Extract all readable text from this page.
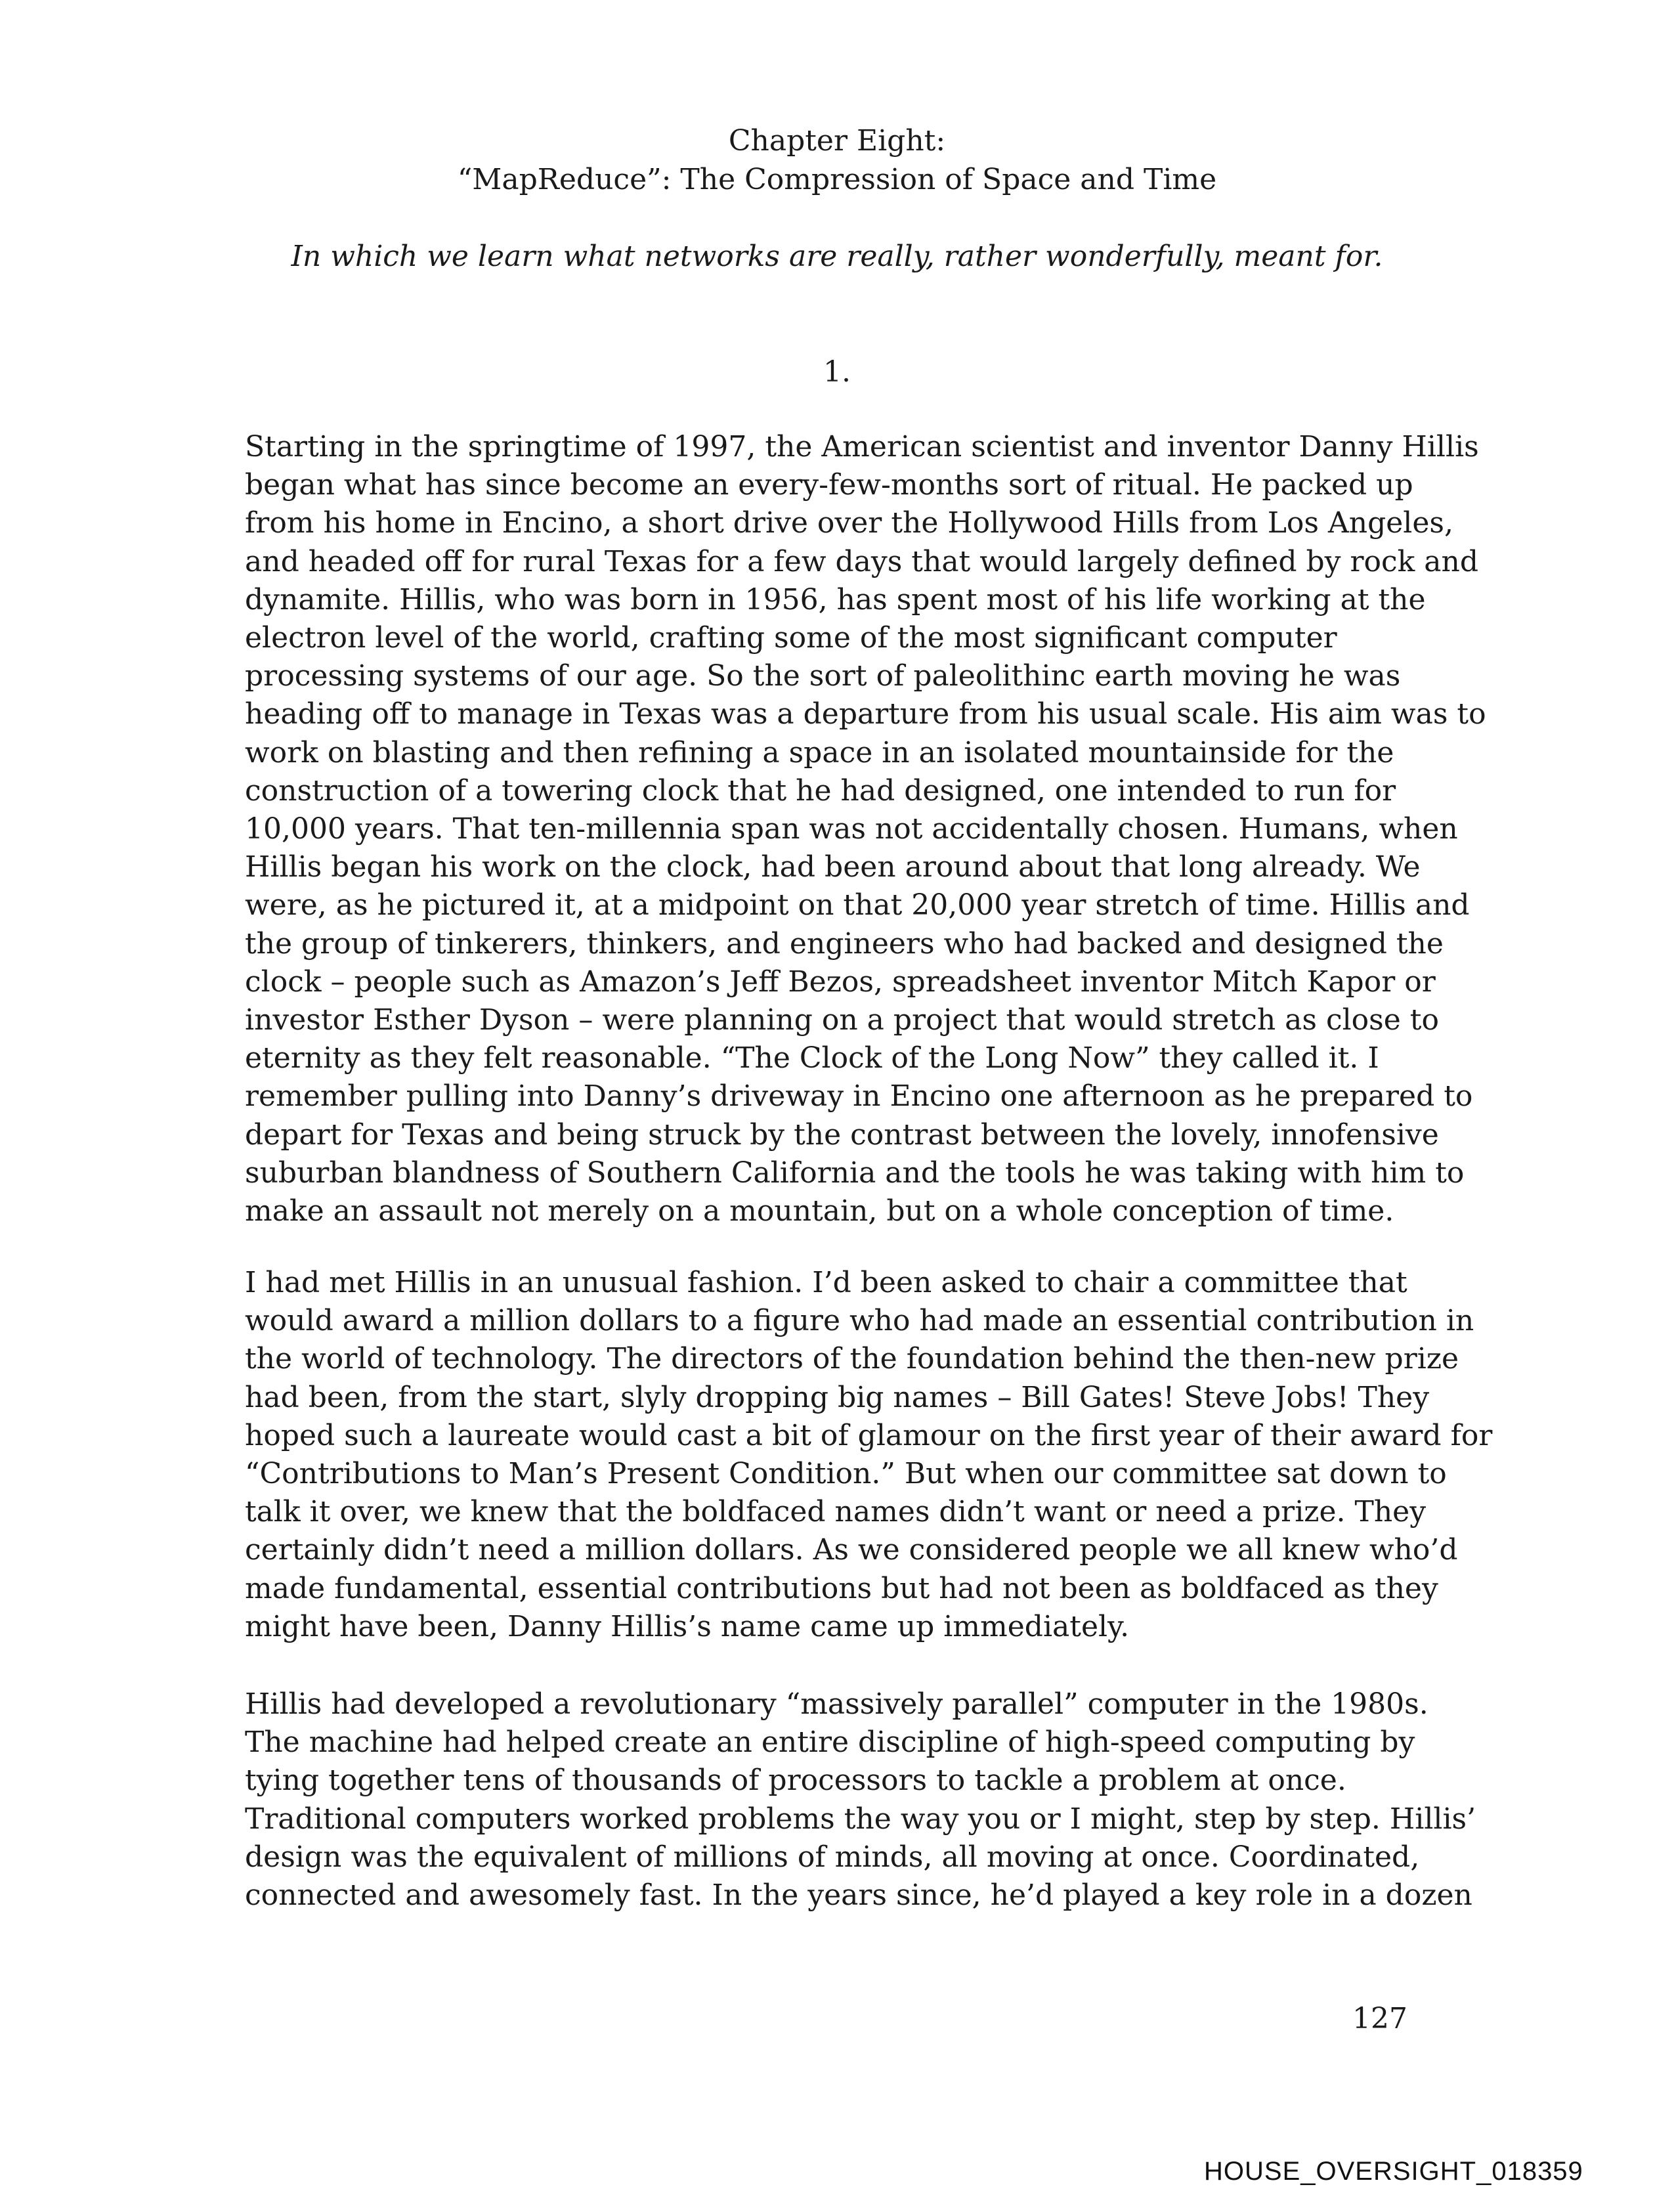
Chapter Eight:
“MapReduce”: The Compression of Space and Time
In which we learn what networks are really, rather wonderfully, meant for.
1.
Starting in the springtime of 1997, the American scientist and inventor Danny Hillis
began what has since become an every-few-months sort of ritual. He packed up
from his home in Encino, a short drive over the Hollywood Hills from Los Angeles,
and headed off for rural Texas for a few days that would largely defined by rock and
dynamite. Hillis, who was born in 1956, has spent most of his life working at the
electron level of the world, crafting some of the most significant computer
processing systems of our age. So the sort of paleolithinc earth moving he was
heading off to manage in Texas was a departure from his usual scale. His aim was to
work on blasting and then refining a space in an isolated mountainside for the
construction of a towering clock that he had designed, one intended to run for
10,000 years. That ten-millennia span was not accidentally chosen. Humans, when
Hillis began his work on the clock, had been around about that long already. We
were, as he pictured it, at a midpoint on that 20,000 year stretch of time. Hillis and
the group of tinkerers, thinkers, and engineers who had backed and designed the
clock – people such as Amazon’s Jeff Bezos, spreadsheet inventor Mitch Kapor or
investor Esther Dyson – were planning on a project that would stretch as close to
eternity as they felt reasonable. “The Clock of the Long Now” they called it. I
remember pulling into Danny’s driveway in Encino one afternoon as he prepared to
depart for Texas and being struck by the contrast between the lovely, innofensive
suburban blandness of Southern California and the tools he was taking with him to
make an assault not merely on a mountain, but on a whole conception of time.
I had met Hillis in an unusual fashion. I’d been asked to chair a committee that
would award a million dollars to a figure who had made an essential contribution in
the world of technology. The directors of the foundation behind the then-new prize
had been, from the start, slyly dropping big names – Bill Gates! Steve Jobs! They
hoped such a laureate would cast a bit of glamour on the first year of their award for
“Contributions to Man’s Present Condition.” But when our committee sat down to
talk it over, we knew that the boldfaced names didn’t want or need a prize. They
certainly didn’t need a million dollars. As we considered people we all knew who’d
made fundamental, essential contributions but had not been as boldfaced as they
might have been, Danny Hillis’s name came up immediately.
Hillis had developed a revolutionary “massively parallel” computer in the 1980s.
The machine had helped create an entire discipline of high-speed computing by
tying together tens of thousands of processors to tackle a problem at once.
Traditional computers worked problems the way you or I might, step by step. Hillis’
design was the equivalent of millions of minds, all moving at once. Coordinated,
connected and awesomely fast. In the years since, he’d played a key role in a dozen
127
HOUSE_OVERSIGHT_018359
